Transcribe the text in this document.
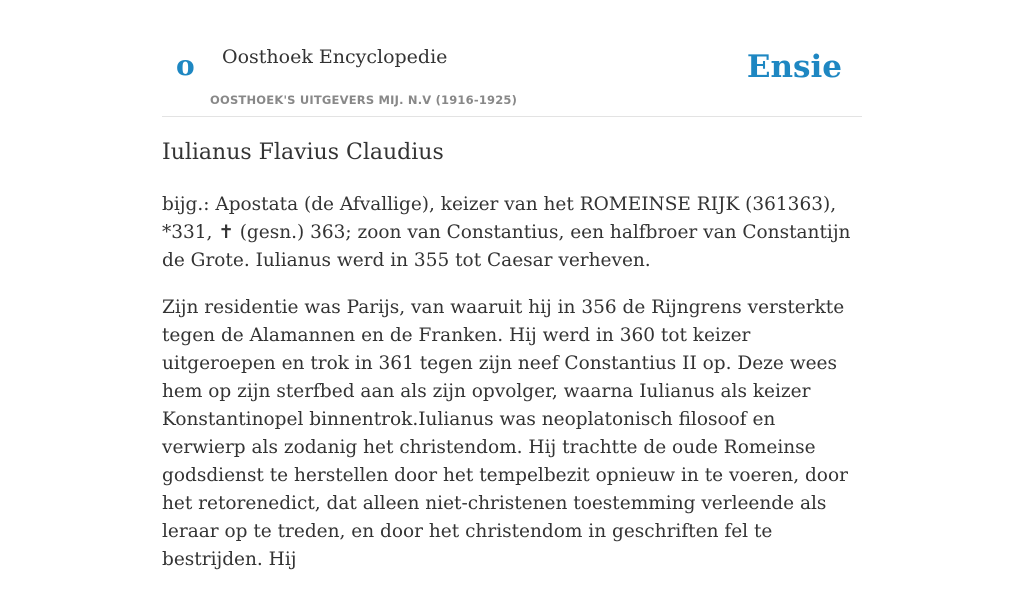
o Oosthoek Encyclopedie
OOSTHOEK'S UITGEVERS MIJ. N.V (1916-1925)
Ensie
Iulianus Flavius Claudius

bijg.: Apostata (de Afvallige), keizer van het ROMEINSE RIJK (361363), *331, ✝ (gesn.) 363; zoon van Constantius, een halfbroer van Constantijn de Grote. Iulianus werd in 355 tot Caesar verheven.

Zijn residentie was Parijs, van waaruit hij in 356 de Rijngrens versterkte tegen de Alamannen en de Franken. Hij werd in 360 tot keizer uitgeroepen en trok in 361 tegen zijn neef Constantius II op. Deze wees hem op zijn sterfbed aan als zijn opvolger, waarna Iulianus als keizer Konstantinopel binnentrok.Iulianus was neoplatonisch filosoof en verwierp als zodanig het christendom. Hij trachtte de oude Romeinse godsdienst te herstellen door het tempelbezit opnieuw in te voeren, door het retorenedict, dat alleen niet-christenen toestemming verleende als leraar op te treden, en door het christendom in geschriften fel te bestrijden. Hij
